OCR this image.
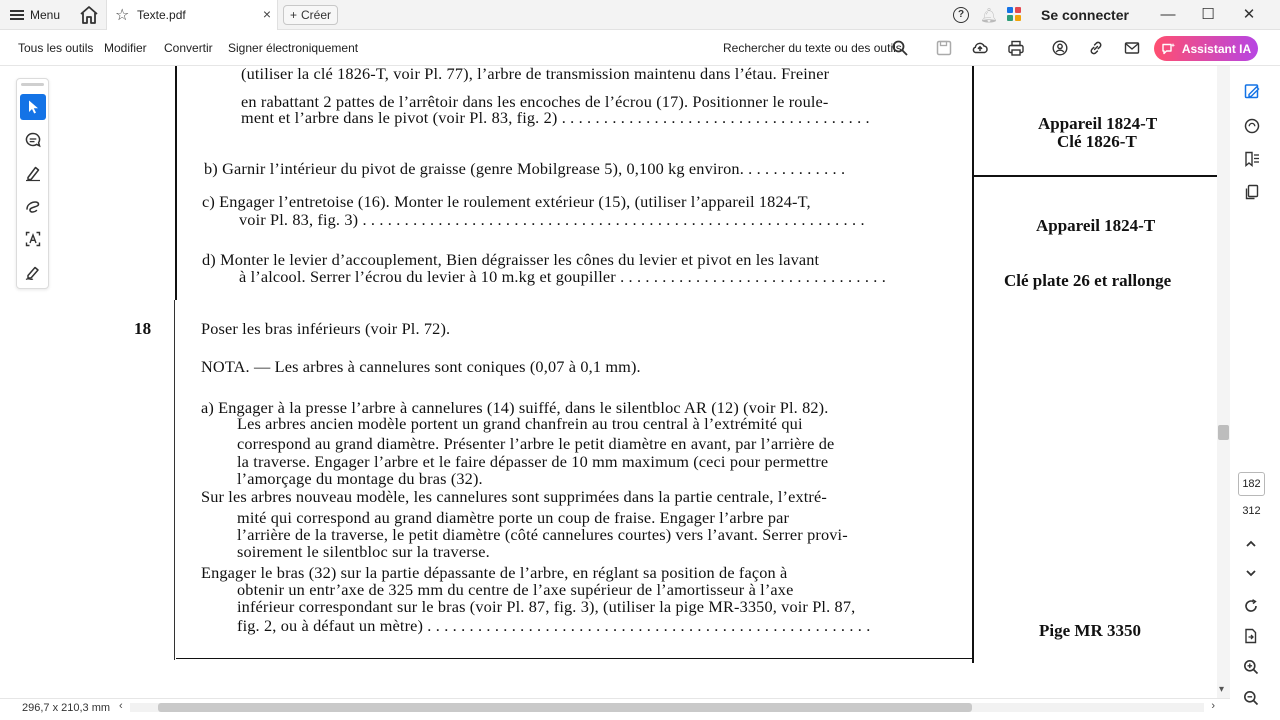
Menu	☆ Texte.pdf	× + Créer	?	🔔︎	Se connecter	—	☐	✕
Tous les outils Modifier Convertir Signer électroniquement	Rechercher du texte ou des outils	Assistant IA
(utiliser la clé 1826-T, voir Pl. 77), l’arbre de transmission maintenu dans l’étau. Freiner
en rabattant 2 pattes de l’arrêtoir dans les encoches de l’écrou (17). Positionner le roule-
ment et l’arbre dans le pivot (voir Pl. 83, fig. 2) . . . . . . . . . . . . . . . . . . . . . . . . . . . . . . . . . . . . .
b) Garnir l’intérieur du pivot de graisse (genre Mobilgrease 5), 0,100 kg environ. . . . . . . . . . . . .
c) Engager l’entretoise (16). Monter le roulement extérieur (15), (utiliser l’appareil 1824-T,
voir Pl. 83, fig. 3) . . . . . . . . . . . . . . . . . . . . . . . . . . . . . . . . . . . . . . . . . . . . . . . . . . . . . . . . . . . .
d) Monter le levier d’accouplement, Bien dégraisser les cônes du levier et pivot en les lavant
à l’alcool. Serrer l’écrou du levier à 10 m.kg et goupiller . . . . . . . . . . . . . . . . . . . . . . . . . . . . . . . .
18	Poser les bras inférieurs (voir Pl. 72).
NOTA. — Les arbres à cannelures sont coniques (0,07 à 0,1 mm).
a) Engager à la presse l’arbre à cannelures (14) suiffé, dans le silentbloc AR (12) (voir Pl. 82).
Les arbres ancien modèle portent un grand chanfrein au trou central à l’extrémité qui
correspond au grand diamètre. Présenter l’arbre le petit diamètre en avant, par l’arrière de
la traverse. Engager l’arbre et le faire dépasser de 10 mm maximum (ceci pour permettre
l’amorçage du montage du bras (32).
Sur les arbres nouveau modèle, les cannelures sont supprimées dans la partie centrale, l’extré-
mité qui correspond au grand diamètre porte un coup de fraise. Engager l’arbre par
l’arrière de la traverse, le petit diamètre (côté cannelures courtes) vers l’avant. Serrer provi-
soirement le silentbloc sur la traverse.
Engager le bras (32) sur la partie dépassante de l’arbre, en réglant sa position de façon à
obtenir un entr’axe de 325 mm du centre de l’axe supérieur de l’amortisseur à l’axe
inférieur correspondant sur le bras (voir Pl. 87, fig. 3), (utiliser la pige MR-3350, voir Pl. 87,
fig. 2, ou à défaut un mètre) . . . . . . . . . . . . . . . . . . . . . . . . . . . . . . . . . . . . . . . . . . . . . . . . . . . . .
Appareil 1824-T
Clé 1826-T
Appareil 1824-T
Clé plate 26 et rallonge
Pige MR 3350
▾
182
312
296,7 x 210,3 mm ‹	›
